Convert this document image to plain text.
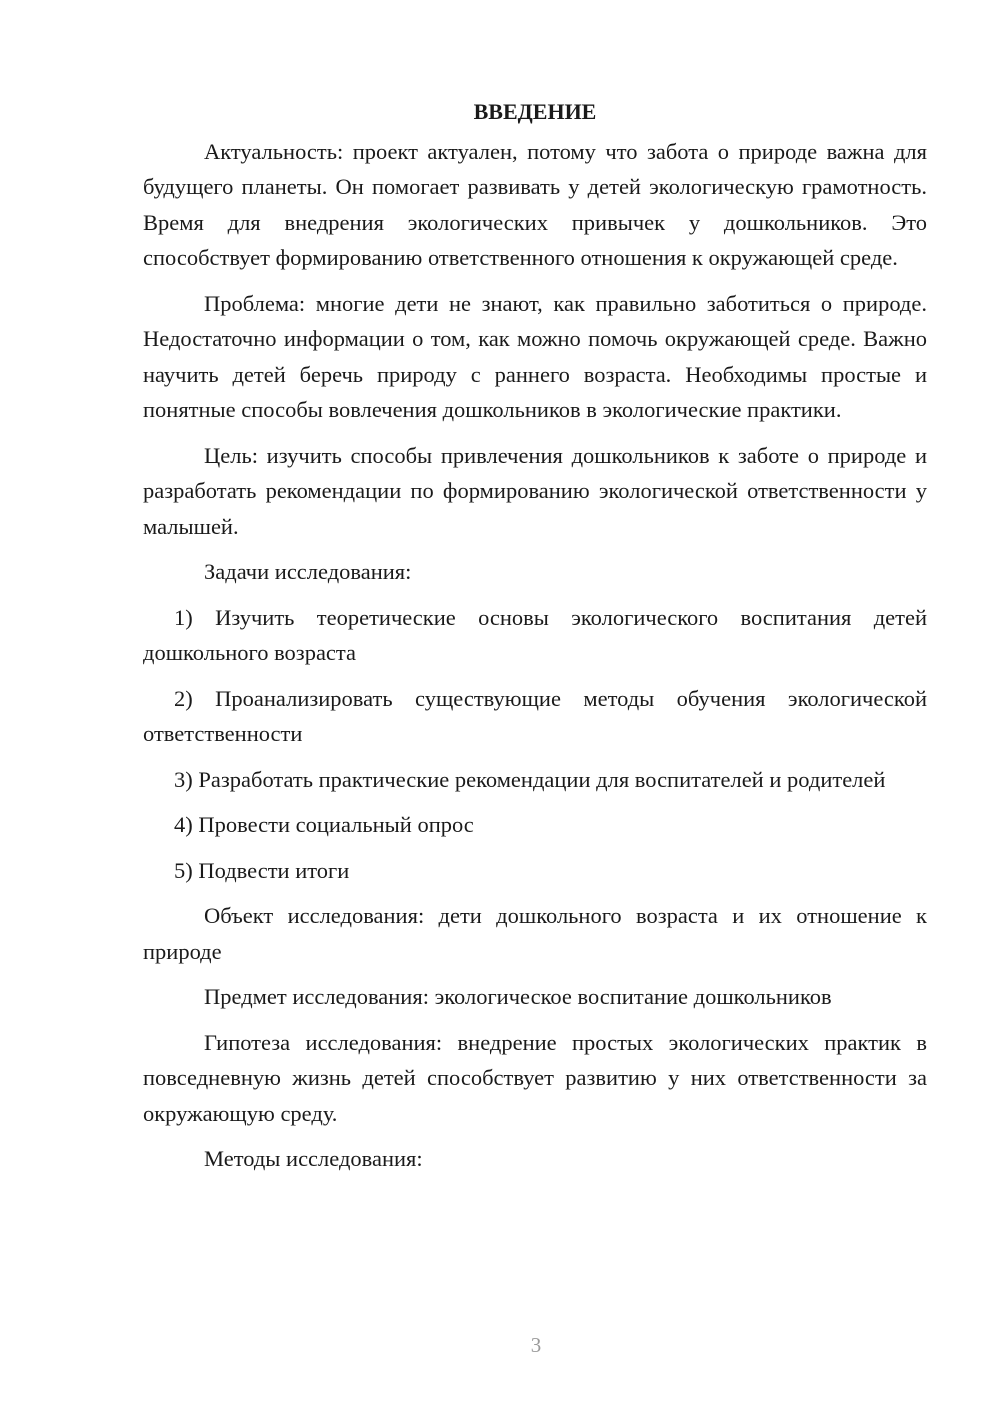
ВВЕДЕНИЕ

Актуальность: проект актуален, потому что забота о природе важна для будущего планеты. Он помогает развивать у детей экологическую грамотность. Время для внедрения экологических привычек у дошкольников. Это способствует формированию ответственного отношения к окружающей среде.

Проблема: многие дети не знают, как правильно заботиться о природе. Недостаточно информации о том, как можно помочь окружающей среде. Важно научить детей беречь природу с раннего возраста. Необходимы простые и понятные способы вовлечения дошкольников в экологические практики.

Цель: изучить способы привлечения дошкольников к заботе о природе и разработать рекомендации по формированию экологической ответственности у малышей.

Задачи исследования:

1) Изучить теоретические основы экологического воспитания детей дошкольного возраста

2) Проанализировать существующие методы обучения экологической ответственности

3) Разработать практические рекомендации для воспитателей и родителей

4) Провести социальный опрос

5) Подвести итоги

Объект исследования: дети дошкольного возраста и их отношение к природе

Предмет исследования: экологическое воспитание дошкольников

Гипотеза исследования: внедрение простых экологических практик в повседневную жизнь детей способствует развитию у них ответственности за окружающую среду.

Методы исследования:

3
